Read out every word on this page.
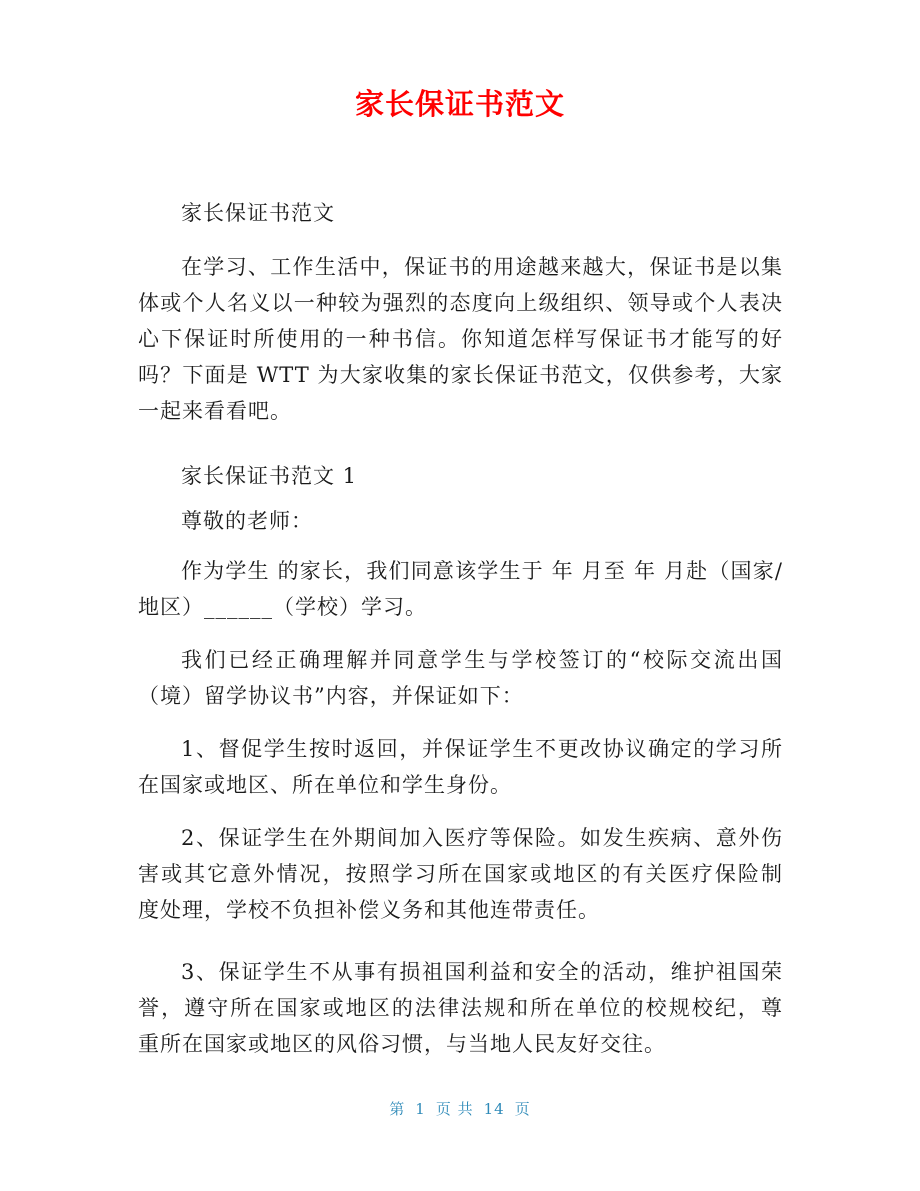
家长保证书范文

家长保证书范文

在学习、工作生活中，保证书的用途越来越大，保证书是以集体或个人名义以一种较为强烈的态度向上级组织、领导或个人表决心下保证时所使用的一种书信。你知道怎样写保证书才能写的好吗？下面是 WTT 为大家收集的家长保证书范文，仅供参考，大家一起来看看吧。

家长保证书范文 1

尊敬的老师：

作为学生 的家长，我们同意该学生于 年 月至 年 月赴（国家/地区）______（学校）学习。

我们已经正确理解并同意学生与学校签订的“校际交流出国（境）留学协议书”内容，并保证如下：

1、督促学生按时返回，并保证学生不更改协议确定的学习所在国家或地区、所在单位和学生身份。

2、保证学生在外期间加入医疗等保险。如发生疾病、意外伤害或其它意外情况，按照学习所在国家或地区的有关医疗保险制 度处理，学校不负担补偿义务和其他连带责任。

3、保证学生不从事有损祖国利益和安全的活动，维护祖国荣誉，遵守所在国家或地区的法律法规和所在单位的校规校纪，尊 重所在国家或地区的风俗习惯，与当地人民友好交往。

第 1 页 共 14 页
